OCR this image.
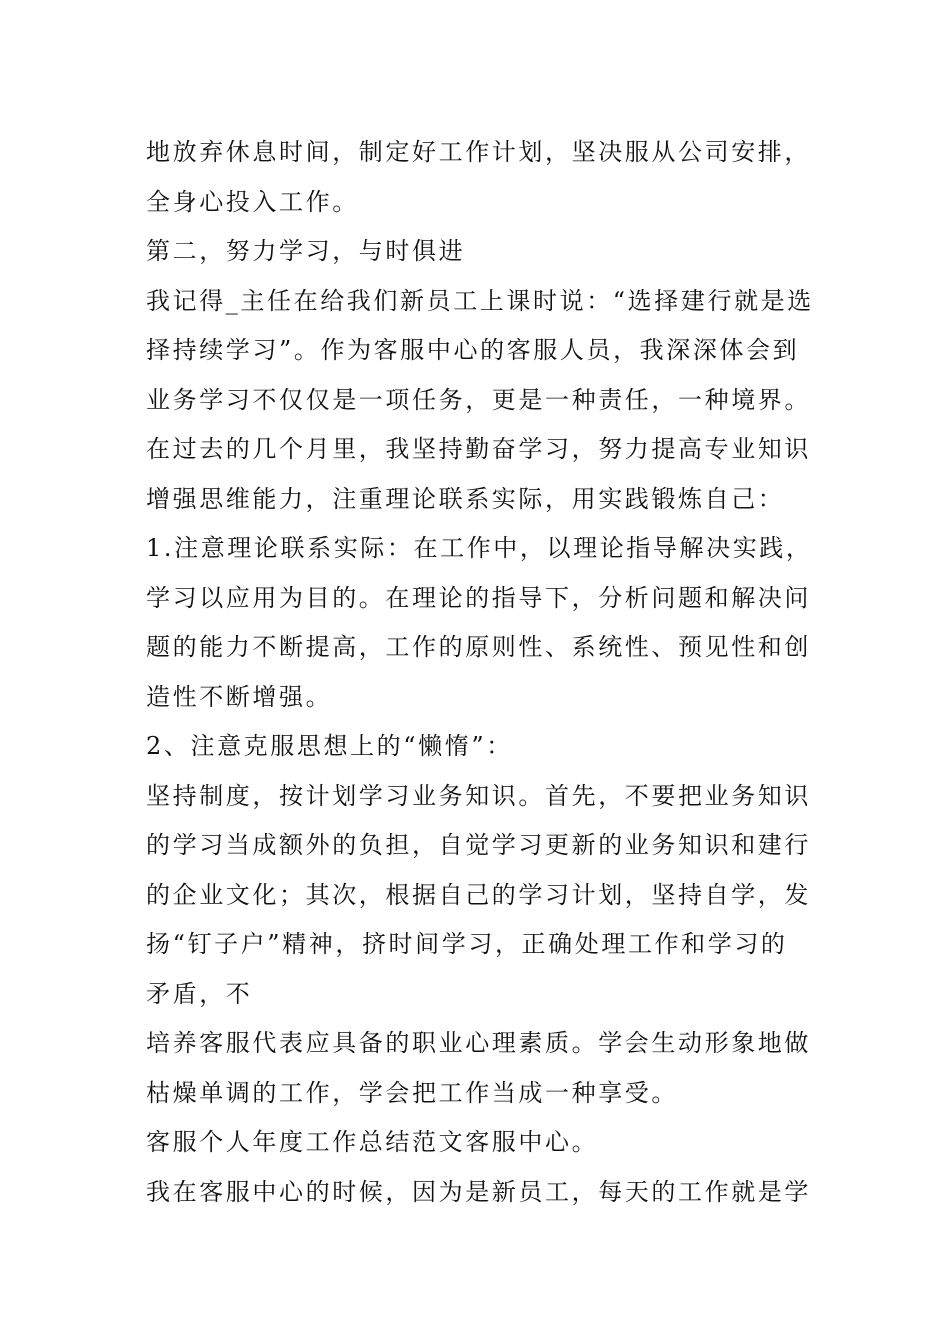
地放弃休息时间，制定好工作计划，坚决服从公司安排，
全身心投入工作。
第二，努力学习，与时俱进
我记得_主任在给我们新员工上课时说：“选择建行就是选
择持续学习”。作为客服中心的客服人员，我深深体会到
业务学习不仅仅是一项任务，更是一种责任，一种境界。
在过去的几个月里，我坚持勤奋学习，努力提高专业知识
增强思维能力，注重理论联系实际，用实践锻炼自己：
1.注意理论联系实际：在工作中，以理论指导解决实践，
学习以应用为目的。在理论的指导下，分析问题和解决问
题的能力不断提高，工作的原则性、系统性、预见性和创
造性不断增强。
2、注意克服思想上的“懒惰”：
坚持制度，按计划学习业务知识。首先，不要把业务知识
的学习当成额外的负担，自觉学习更新的业务知识和建行
的企业文化；其次，根据自己的学习计划，坚持自学，发
扬“钉子户”精神，挤时间学习，正确处理工作和学习的
矛盾，不
培养客服代表应具备的职业心理素质。学会生动形象地做
枯燥单调的工作，学会把工作当成一种享受。
客服个人年度工作总结范文客服中心。
我在客服中心的时候，因为是新员工，每天的工作就是学
